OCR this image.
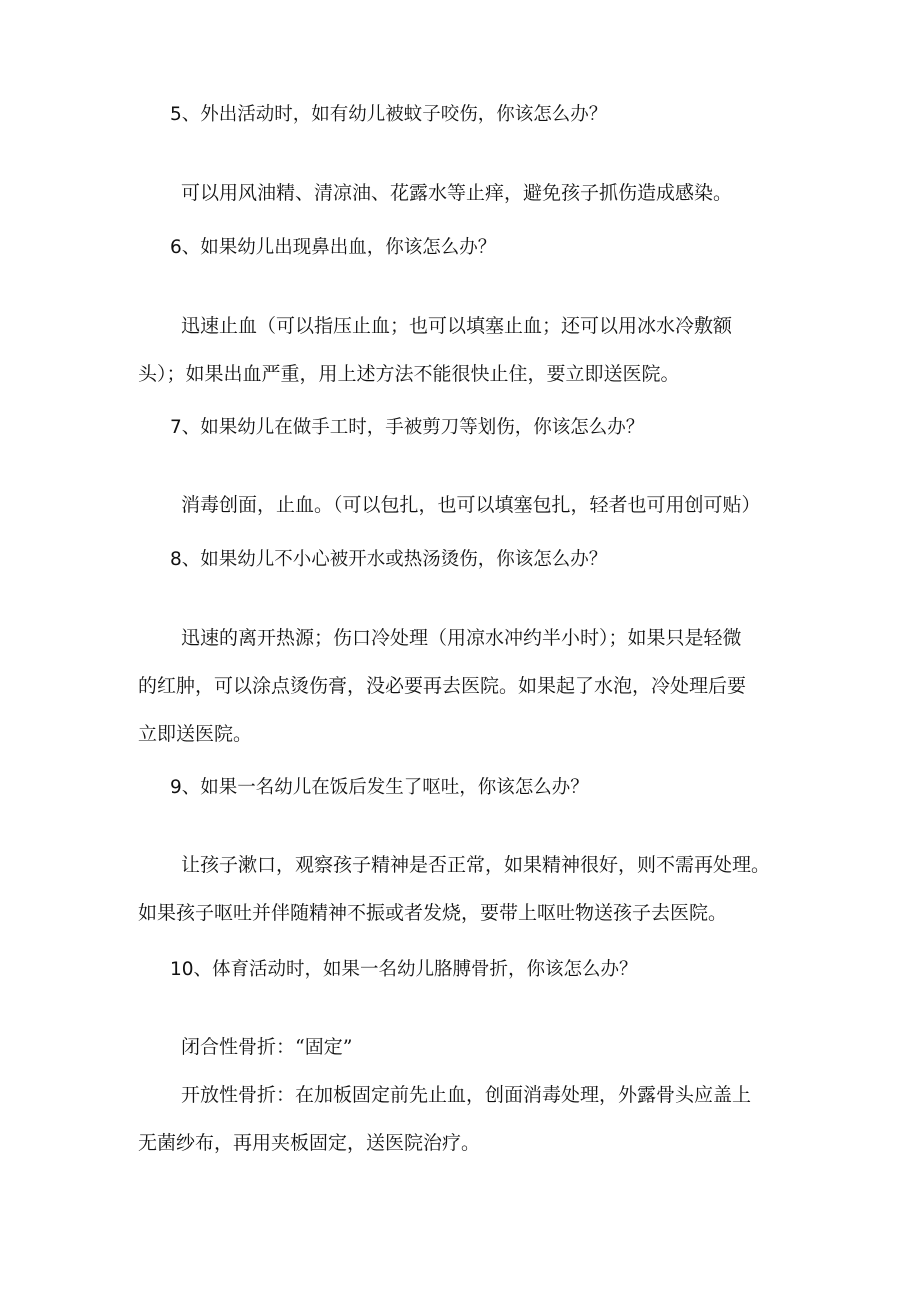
5、外出活动时，如有幼儿被蚊子咬伤，你该怎么办？

可以用风油精、清凉油、花露水等止痒，避免孩子抓伤造成感染。

6、如果幼儿出现鼻出血，你该怎么办？

迅速止血（可以指压止血；也可以填塞止血；还可以用冰水冷敷额

头）；如果出血严重，用上述方法不能很快止住，要立即送医院。

7、如果幼儿在做手工时，手被剪刀等划伤，你该怎么办？

消毒创面，止血。（可以包扎，也可以填塞包扎，轻者也可用创可贴）

8、如果幼儿不小心被开水或热汤烫伤，你该怎么办？

迅速的离开热源；伤口冷处理（用凉水冲约半小时）；如果只是轻微

的红肿，可以涂点烫伤膏，没必要再去医院。如果起了水泡，冷处理后要

立即送医院。

9、如果一名幼儿在饭后发生了呕吐，你该怎么办？

让孩子漱口，观察孩子精神是否正常，如果精神很好，则不需再处理。

如果孩子呕吐并伴随精神不振或者发烧，要带上呕吐物送孩子去医院。

10、体育活动时，如果一名幼儿胳膊骨折，你该怎么办？

闭合性骨折：“固定”

开放性骨折：在加板固定前先止血，创面消毒处理，外露骨头应盖上

无菌纱布，再用夹板固定，送医院治疗。
